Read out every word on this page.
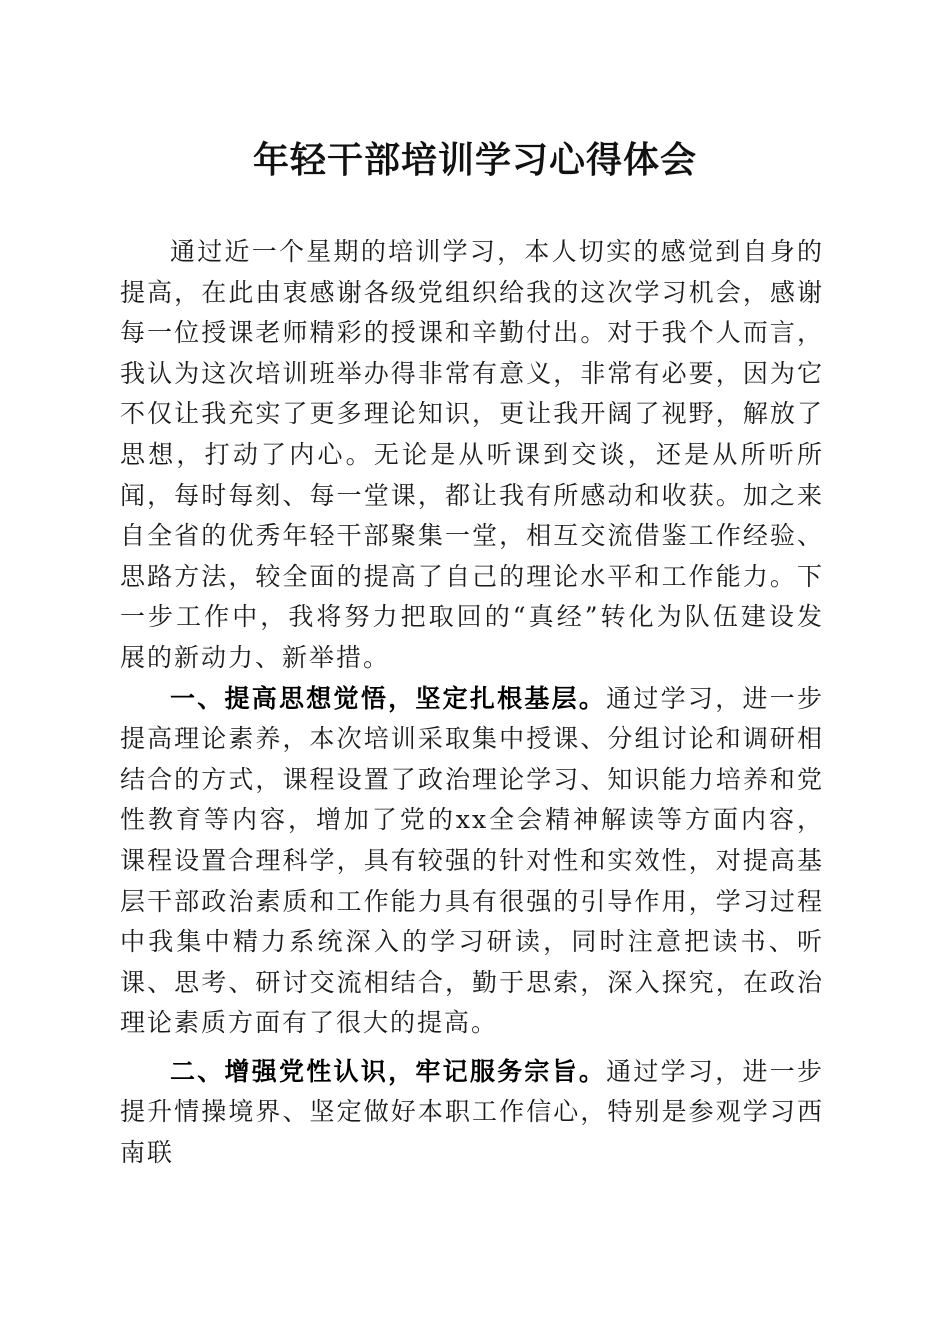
年轻干部培训学习心得体会

通过近一个星期的培训学习，本人切实的感觉到自身的提高，在此由衷感谢各级党组织给我的这次学习机会，感谢每一位授课老师精彩的授课和辛勤付出。对于我个人而言，我认为这次培训班举办得非常有意义，非常有必要，因为它不仅让我充实了更多理论知识，更让我开阔了视野，解放了思想，打动了内心。无论是从听课到交谈，还是从所听所闻，每时每刻、每一堂课，都让我有所感动和收获。加之来自全省的优秀年轻干部聚集一堂，相互交流借鉴工作经验、思路方法，较全面的提高了自己的理论水平和工作能力。下一步工作中，我将努力把取回的“真经”转化为队伍建设发展的新动力、新举措。

一、提高思想觉悟，坚定扎根基层。通过学习，进一步提高理论素养，本次培训采取集中授课、分组讨论和调研相结合的方式，课程设置了政治理论学习、知识能力培养和党性教育等内容，增加了党的xx全会精神解读等方面内容，课程设置合理科学，具有较强的针对性和实效性，对提高基层干部政治素质和工作能力具有很强的引导作用，学习过程中我集中精力系统深入的学习研读，同时注意把读书、听课、思考、研讨交流相结合，勤于思索，深入探究，在政治理论素质方面有了很大的提高。

二、增强党性认识，牢记服务宗旨。通过学习，进一步提升情操境界、坚定做好本职工作信心，特别是参观学习西南联
